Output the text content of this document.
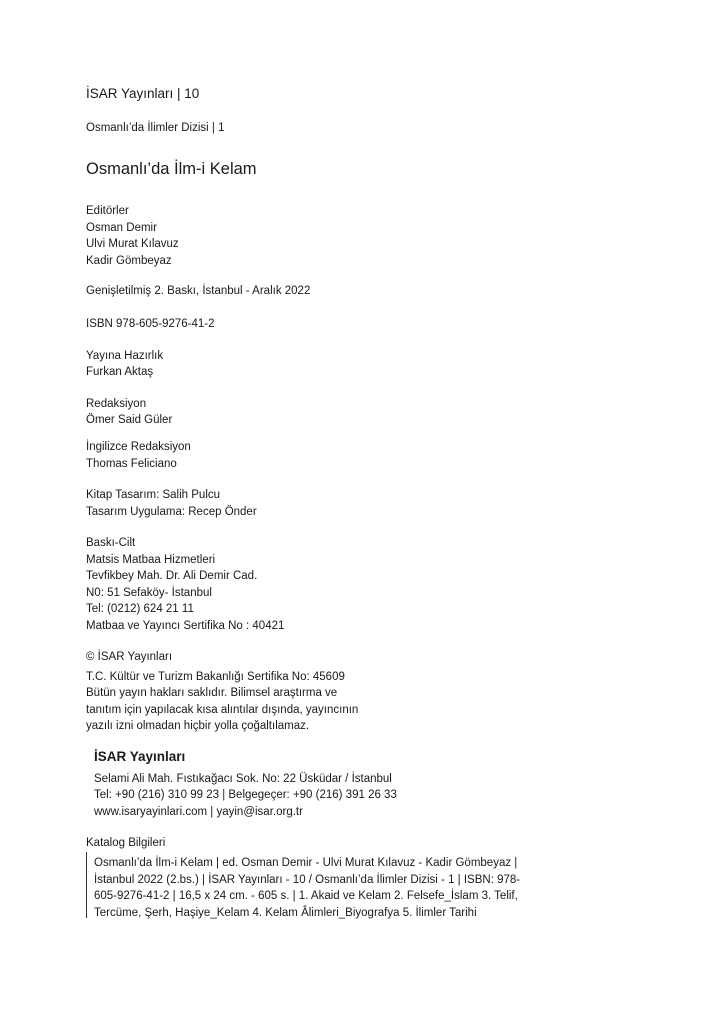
İSAR Yayınları | 10
Osmanlı’da İlimler Dizisi | 1
Osmanlı’da İlm-i Kelam
Editörler
Osman Demir
Ulvi Murat Kılavuz
Kadir Gömbeyaz
Genişletilmiş 2. Baskı, İstanbul - Aralık 2022
ISBN 978-605-9276-41-2
Yayına Hazırlık
Furkan Aktaş
Redaksiyon
Ömer Said Güler
İngilizce Redaksiyon
Thomas Feliciano
Kitap Tasarım: Salih Pulcu
Tasarım Uygulama: Recep Önder
Baskı-Cilt
Matsis Matbaa Hizmetleri
Tevfikbey Mah. Dr. Ali Demir Cad.
N0: 51 Sefaköy- İstanbul
Tel: (0212) 624 21 11
Matbaa ve Yayıncı Sertifika No : 40421
© İSAR Yayınları
T.C. Kültür ve Turizm Bakanlığı Sertifika No: 45609
Bütün yayın hakları saklıdır. Bilimsel araştırma ve
tanıtım için yapılacak kısa alıntılar dışında, yayıncının
yazılı izni olmadan hiçbir yolla çoğaltılamaz.
İSAR Yayınları
Selami Ali Mah. Fıstıkağacı Sok. No: 22 Üsküdar / İstanbul
Tel: +90 (216) 310 99 23 | Belgegeçer: +90 (216) 391 26 33
www.isaryayinlari.com | yayin@isar.org.tr
Katalog Bilgileri
Osmanlı’da İlm-i Kelam | ed. Osman Demir - Ulvi Murat Kılavuz - Kadir Gömbeyaz |
İstanbul 2022 (2.bs.) | İSAR Yayınları - 10 / Osmanlı’da İlimler Dizisi - 1 | ISBN: 978-
605-9276-41-2 | 16,5 x 24 cm. - 605 s. | 1. Akaid ve Kelam 2. Felsefe_İslam 3. Telif,
Tercüme, Şerh, Haşiye_Kelam 4. Kelam Âlimleri_Biyografya 5. İlimler Tarihi
